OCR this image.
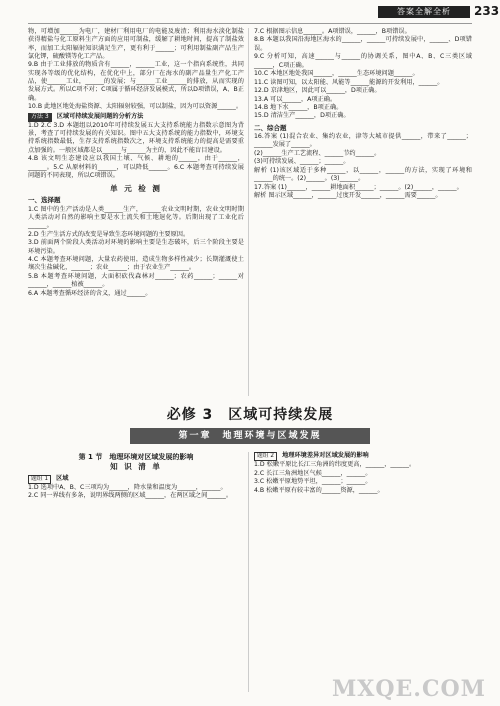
答案全解全析	233

物，可增加______为电厂，建材厂利用电厂的电能及废渣；利用海水淡化制盐获得精盐与化工原料生产方面的应用可制盐，缓解了耕地时间，提高了制盐效率，而加工太阳辐射知识满足生产，更有利于______；可利用制盐副产品生产氯化钾，硫酸镁等化工产品。

9.B 由于工业排放的物质含有______，______工业，这一个指向系统性，共同实现各等级的优化结构，在优化中上，部分厂在海水的副产品量生产化工产品，使______工业，______的发展；与______工业______的排放，从而实现的发展方式。所以C项不对；C项属于循环经济发展模式，所以D项错误，A、B正确。

10.B 此地区地处海盐资源、太阳辐射较强，可以制盐，因为可以资源______。

方法 3 区域可持续发展问题的分析方法

1.D 2.C 3.D 本题组以2010年可持续发展五大支持系统能力指数示意图为背景，考查了可持续发展的有关知识。图中五大支持系统的能力指数中，环境支持系统指数最低，生存支持系统指数次之，环境支持系统能力的提高是需要重点加强的。一般区域都是以______与______为主的，因此不能盲目建设。

4.B 该文明生态建设应以我国土壤、气候、耕地的______，由于______，______。5.C 从原材料的______，可以降低______。6.C 本题考查可持续发展问题的不同表现，所以C项错误。

单 元 检 测
一、选择题

1.C 图中的生产活动是人类______生产，______农业文明时期，农业文明时期人类活动对自然的影响主要是水土流失和土地退化等。后期出现了工业化后______。

2.D 生产生活方式的改变是导致生态环境问题的主要原因。

3.D 前面两个阶段人类活动对环境的影响主要是生态破坏，后三个阶段主要是环境污染。

4.C 本题考查环境问题，大量农药使用，造成生物多样性减少；长期灌溉使土壤次生盐碱化，______；农业______；由于农业生产______。

5.B 本题考查环境问题，大面积砍伐森林对______；农药______；______对______，______植被______。

6.A 本题考查循环经济的含义，通过______。

7.C 根据图示信息______。A项错误，______，B项错误。

8.B 本题以我国沿海地区海水的______，______可持续发展中，______、D项错误。

9.C 分析可知，高速______与______的协调关系，图中A、B、C三类区域______，C项正确。

10.C 本地区地处我国______，______生态环境问题______。

11.C 读图可知，以太阳能、风能等______能源的开发利用，______。

12.D 京津地区，因此可以______，D项正确。

13.A 可以______，A项正确。

14.B 地下水______，B项正确。

15.D 清洁生产______，D项正确。

二、综合题

16.答案 (1)混合农业、集约农业，津等大城市提供______，带来了______；______发展了______。

(2)______生产工艺流程、______节约______。

(3)可持续发展、______；______。

解析 (1)该区域适于多种______，以______，______的方法，实现了环境和______的统一。(2)______。(3)______。

17.答案 (1)______，______耕地面积______；______。(2)______，______。

解析 图示区域______，______过度开发______，______需要______。

必修 3　区域可持续发展
第一章　地理环境与区域发展
第 1 节　地理环境对区域发展的影响
知 识 清 单

题组 1 区域

1.D 选项中A、B、C三项均为______，降水量和温度为______，______。

2.C 同一界线有多条，说明界线两侧的区域______，在两区域之间______。

题组 2 地理环境差异对区域发展的影响

1.D 松嫩平原比长江三角洲的纬度更高，______，______。

2.C 长江三角洲地区气候______，______。

3.C 松嫩平原地势平坦，______；______。

4.B 松嫩平原有较丰富的______资源，______。

MXQE.COM
